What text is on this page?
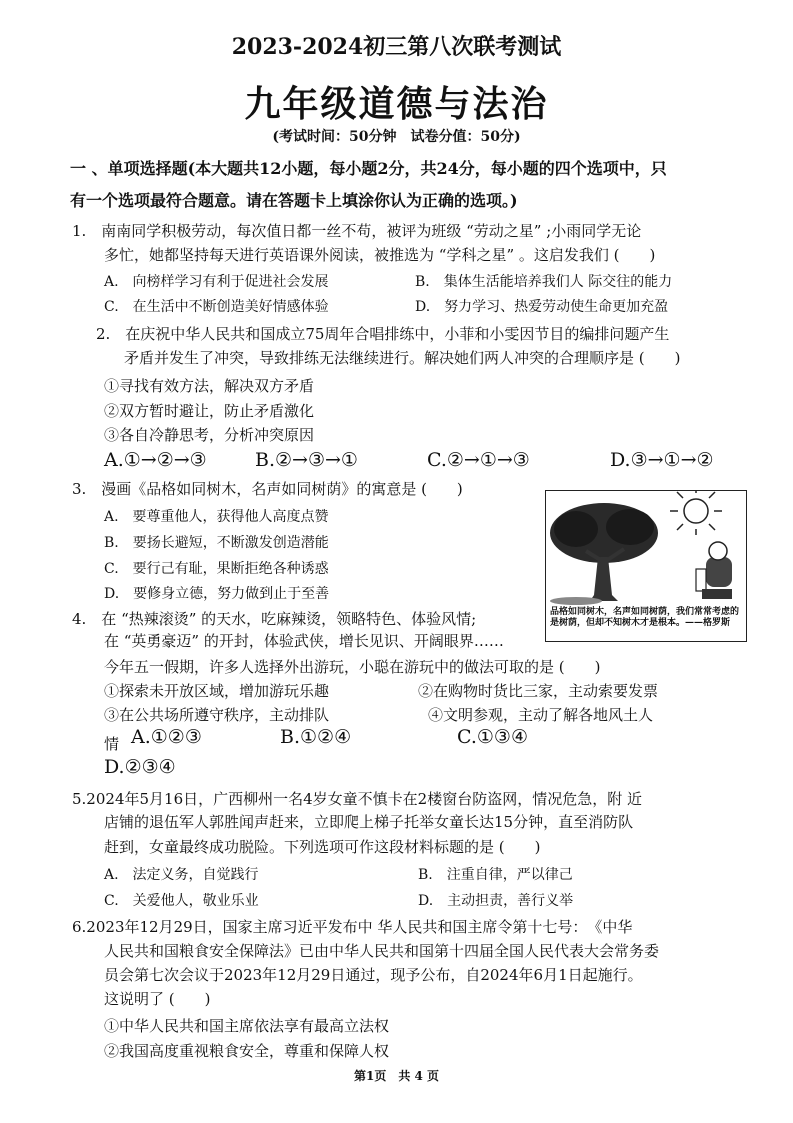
2023-2024初三第八次联考测试
九年级道德与法治
(考试时间：50分钟　试卷分值：50分)
一 、单项选择题(本大题共12小题，每小题2分，共24分，每小题的四个选项中，只
有一个选项最符合题意。请在答题卡上填涂你认为正确的选项。)
1.　南南同学积极劳动，每次值日都一丝不苟，被评为班级 “劳动之星” ;小雨同学无论
多忙，她都坚持每天进行英语课外阅读，被推选为 “学科之星” 。这启发我们 (　　)
A.　向榜样学习有利于促进社会发展	B.　集体生活能培养我们人 际交往的能力
C.　在生活中不断创造美好情感体验	D.　努力学习、热爱劳动使生命更加充盈
2.　在庆祝中华人民共和国成立75周年合唱排练中，小菲和小雯因节目的编排问题产生
矛盾并发生了冲突，导致排练无法继续进行。解决她们两人冲突的合理顺序是 (　　)
①寻找有效方法，解决双方矛盾
②双方暂时避让，防止矛盾激化
③各自冷静思考，分析冲突原因
A.①→②→③	B.②→③→①	C.②→①→③	D.③→①→②
3.　漫画《品格如同树木，名声如同树荫》的寓意是 (　　)
A.　要尊重他人，获得他人高度点赞
B.　要扬长避短，不断激发创造潜能
C.　要行己有耻，果断拒绝各种诱惑
D.　要修身立德，努力做到止于至善
品格如同树木，名声如同树荫，我们常常考虑的是树荫，但却不知树木才是根本。——格罗斯
4.　在 “热辣滚烫” 的天水，吃麻辣烫，领略特色、体验风情;
在 “英勇豪迈” 的开封，体验武侠，增长见识、开阔眼界……
今年五一假期，许多人选择外出游玩，小聪在游玩中的做法可取的是 (　　)
①探索未开放区域，增加游玩乐趣	②在购物时货比三家，主动索要发票
③在公共场所遵守秩序，主动排队	④文明参观，主动了解各地风土人
情 A.①②③	B.①②④	C.①③④
D.②③④
5.2024年5月16日，广西柳州一名4岁女童不慎卡在2楼窗台防盗网，情况危急，附 近
店铺的退伍军人郭胜闻声赶来，立即爬上梯子托举女童长达15分钟，直至消防队
赶到，女童最终成功脱险。下列选项可作这段材料标题的是 (　　)
A.　法定义务，自觉践行	B.　注重自律，严以律己
C.　关爱他人，敬业乐业	D.　主动担责，善行义举
6.2023年12月29日，国家主席习近平发布中 华人民共和国主席令第十七号：　《中华
人民共和国粮食安全保障法》已由中华人民共和国第十四届全国人民代表大会常务委
员会第七次会议于2023年12月29日通过，现予公布，自2024年6月1日起施行。
这说明了 (　　)
①中华人民共和国主席依法享有最高立法权
②我国高度重视粮食安全，尊重和保障人权
第1页　共 4 页
